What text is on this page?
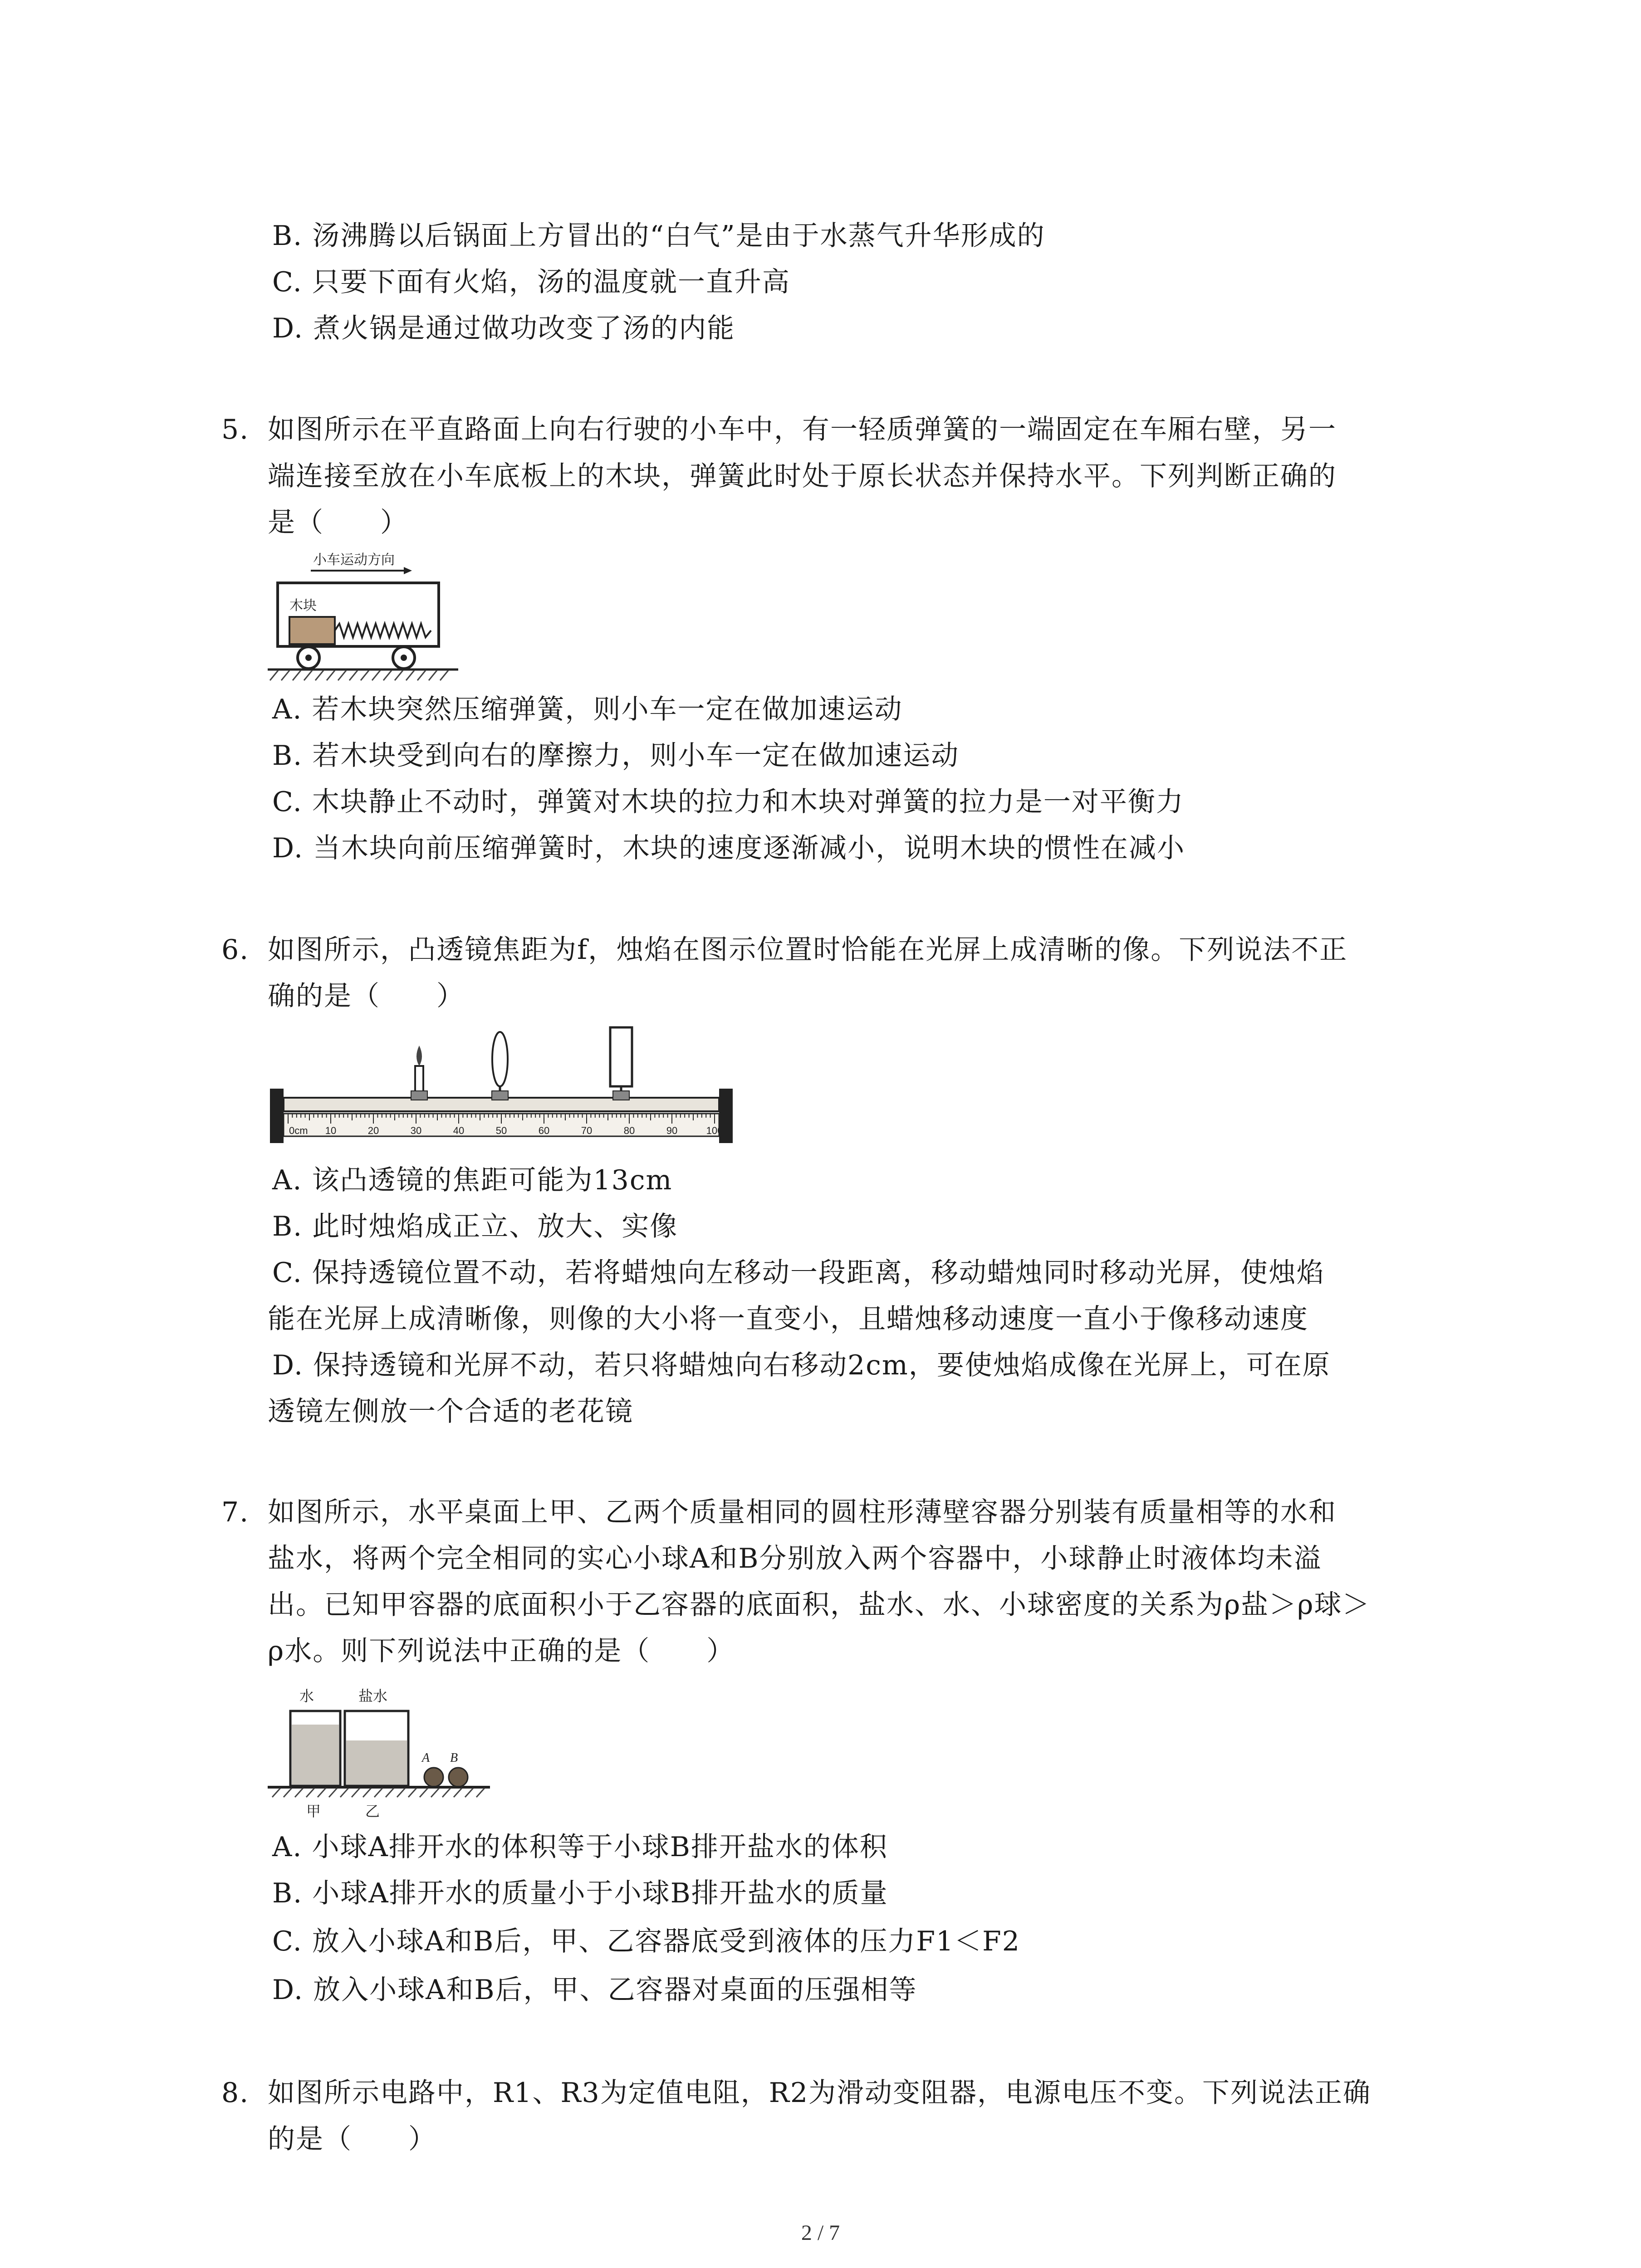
B. 汤沸腾以后锅面上方冒出的“白气”是由于水蒸气升华形成的
C. 只要下面有火焰，汤的温度就一直升高
D. 煮火锅是通过做功改变了汤的内能
5. 如图所示在平直路面上向右行驶的小车中，有一轻质弹簧的一端固定在车厢右壁，另一
端连接至放在小车底板上的木块，弹簧此时处于原长状态并保持水平。下列判断正确的
是（　　）
小车运动方向
木块
A. 若木块突然压缩弹簧，则小车一定在做加速运动
B. 若木块受到向右的摩擦力，则小车一定在做加速运动
C. 木块静止不动时，弹簧对木块的拉力和木块对弹簧的拉力是一对平衡力
D. 当木块向前压缩弹簧时，木块的速度逐渐减小，说明木块的惯性在减小
6. 如图所示，凸透镜焦距为f，烛焰在图示位置时恰能在光屏上成清晰的像。下列说法不正
确的是（　　）
0cm 10	20	30	40	50	60	70	80	90	100
A. 该凸透镜的焦距可能为13cm
B. 此时烛焰成正立、放大、实像
C. 保持透镜位置不动，若将蜡烛向左移动一段距离，移动蜡烛同时移动光屏，使烛焰
能在光屏上成清晰像，则像的大小将一直变小，且蜡烛移动速度一直小于像移动速度
D. 保持透镜和光屏不动，若只将蜡烛向右移动2cm，要使烛焰成像在光屏上，可在原
透镜左侧放一个合适的老花镜
7. 如图所示，水平桌面上甲、乙两个质量相同的圆柱形薄壁容器分别装有质量相等的水和
盐水，将两个完全相同的实心小球A和B分别放入两个容器中，小球静止时液体均未溢
出。已知甲容器的底面积小于乙容器的底面积，盐水、水、小球密度的关系为ρ盐＞ρ球＞
ρ水。则下列说法中正确的是（　　）
水	盐水
A B
甲	乙
A. 小球A排开水的体积等于小球B排开盐水的体积
B. 小球A排开水的质量小于小球B排开盐水的质量
C. 放入小球A和B后，甲、乙容器底受到液体的压力F1＜F2
D. 放入小球A和B后，甲、乙容器对桌面的压强相等
8. 如图所示电路中，R1、R3为定值电阻，R2为滑动变阻器，电源电压不变。下列说法正确
的是（　　）
2 / 7
